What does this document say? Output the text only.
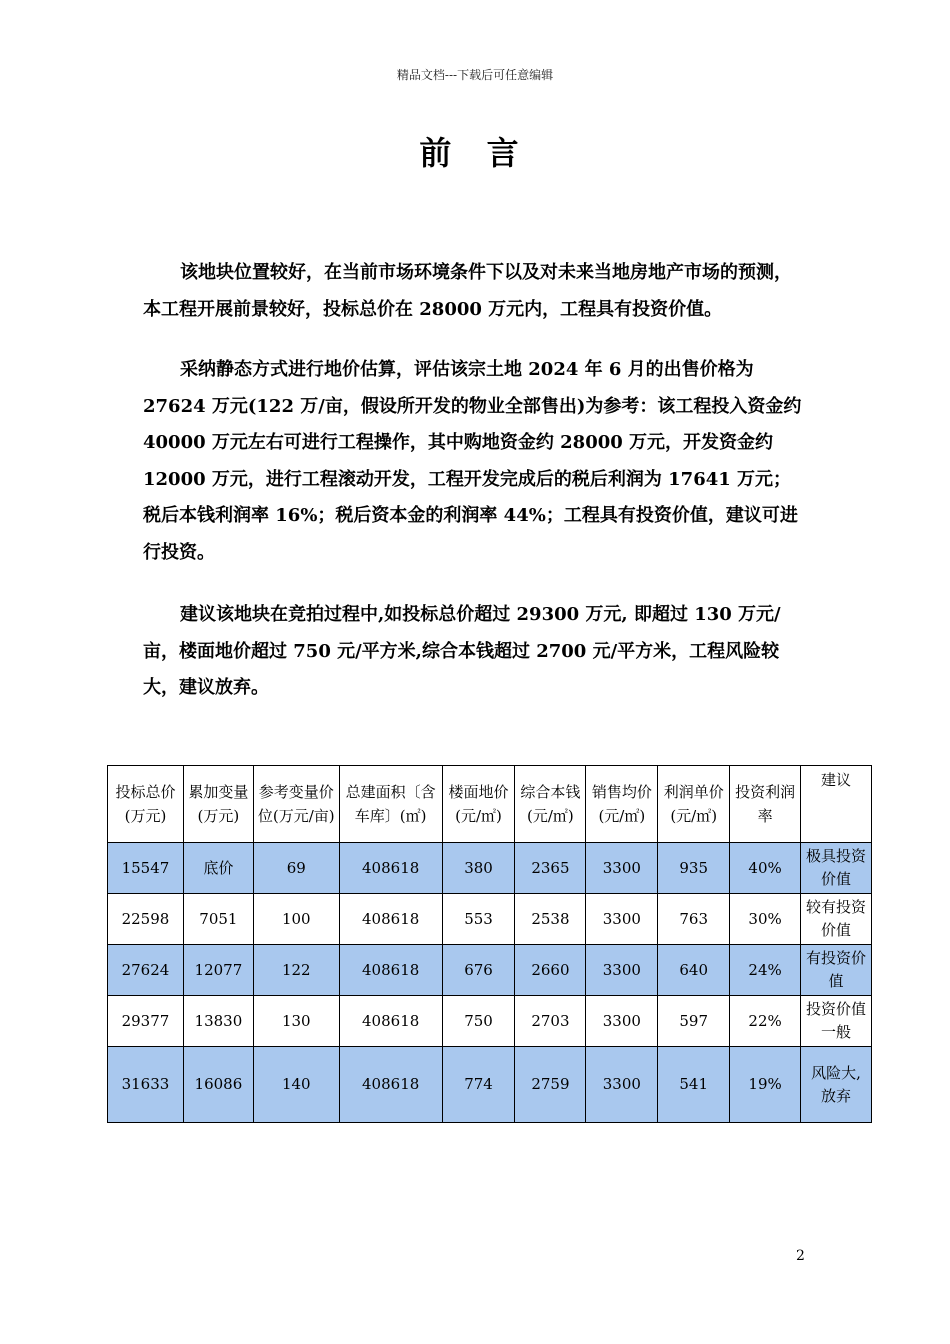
精品文档---下载后可任意编辑
前 言

该地块位置较好，在当前市场环境条件下以及对未来当地房地产市场的预测，本工程开展前景较好，投标总价在 28000 万元内，工程具有投资价值。

采纳静态方式进行地价估算，评估该宗土地 2024 年 6 月的出售价格为 27624 万元(122 万/亩，假设所开发的物业全部售出)为参考：该工程投入资金约 40000 万元左右可进行工程操作，其中购地资金约 28000 万元，开发资金约 12000 万元，进行工程滚动开发，工程开发完成后的税后利润为 17641 万元；税后本钱利润率 16%；税后资本金的利润率 44%；工程具有投资价值，建议可进行投资。

建议该地块在竞拍过程中,如投标总价超过 29300 万元, 即超过 130 万元/亩，楼面地价超过 750 元/平方米,综合本钱超过 2700 元/平方米，工程风险较大，建议放弃。

投标总价(万元)	累加变量(万元)	参考变量价位(万元/亩)	总建面积〔含车库〕(㎡)	楼面地价(元/㎡)	综合本钱(元/㎡)	销售均价(元/㎡)	利润单价(元/㎡)	投资利润率	建议
15547	底价	69	408618	380	2365	3300	935	40%	极具投资价值
22598	7051	100	408618	553	2538	3300	763	30%	较有投资价值
27624	12077	122	408618	676	2660	3300	640	24%	有投资价值
29377	13830	130	408618	750	2703	3300	597	22%	投资价值一般
31633	16086	140	408618	774	2759	3300	541	19%	风险大,放弃
2
